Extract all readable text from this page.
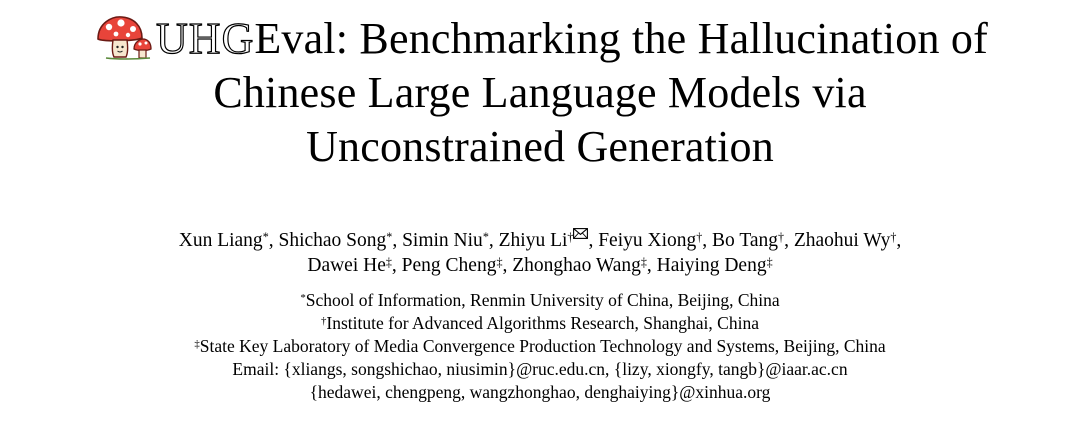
UHG Eval: Benchmarking the Hallucination of
Chinese Large Language Models via
Unconstrained Generation
Xun Liang*, Shichao Song*, Simin Niu*, Zhiyu Li† , Feiyu Xiong†, Bo Tang†, Zhaohui Wy†,
Dawei He‡, Peng Cheng‡, Zhonghao Wang‡, Haiying Deng‡
*School of Information, Renmin University of China, Beijing, China
†Institute for Advanced Algorithms Research, Shanghai, China
‡State Key Laboratory of Media Convergence Production Technology and Systems, Beijing, China
Email: {xliangs, songshichao, niusimin}@ruc.edu.cn, {lizy, xiongfy, tangb}@iaar.ac.cn
{hedawei, chengpeng, wangzhonghao, denghaiying}@xinhua.org
